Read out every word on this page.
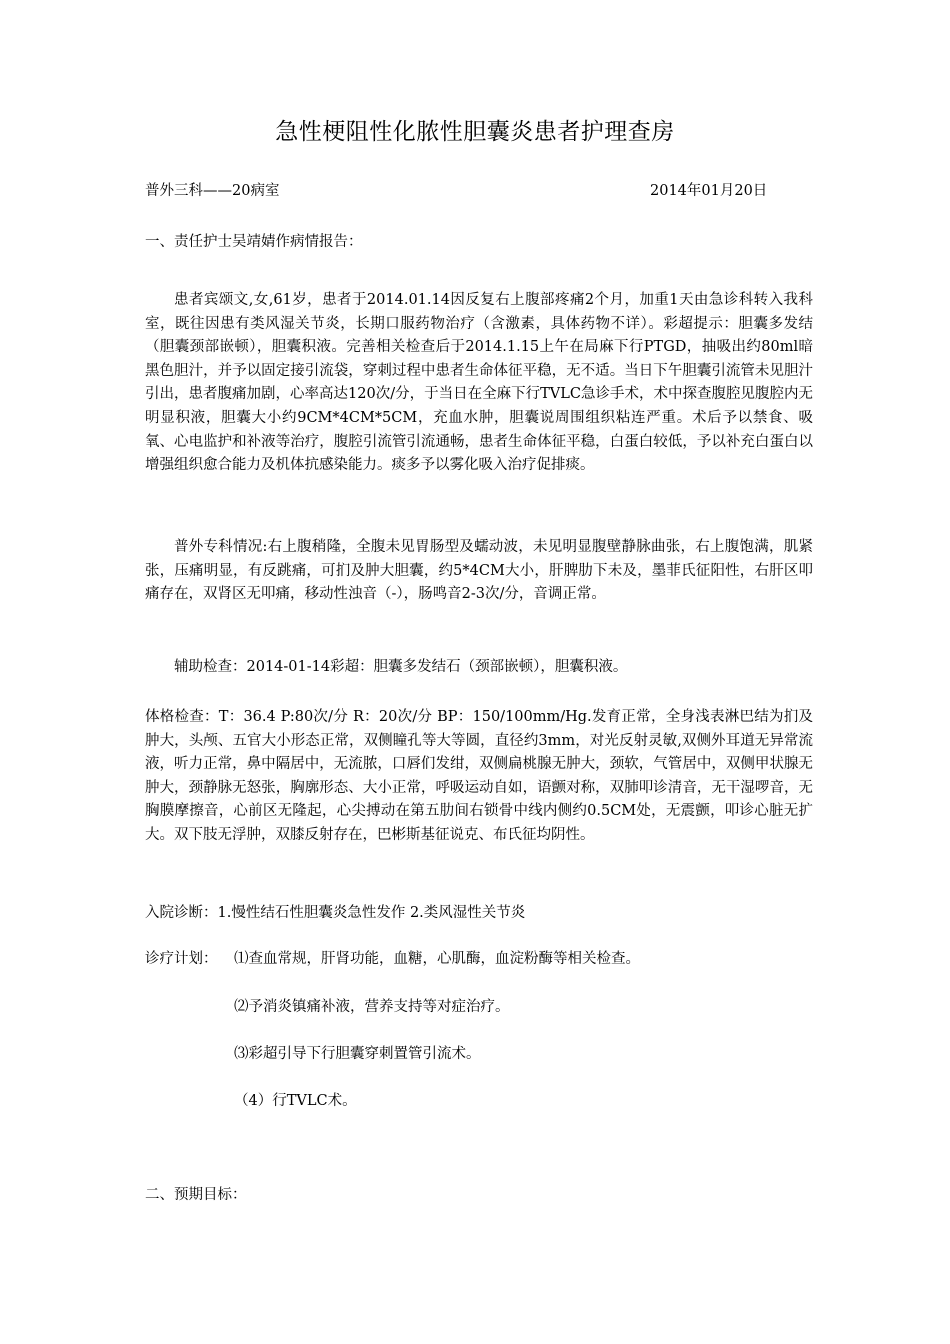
急性梗阻性化脓性胆囊炎患者护理查房
普外三科——20病室	2014年01月20日
一、责任护士吴靖婧作病情报告：
患者宾颂文,女,61岁，患者于2014.01.14因反复右上腹部疼痛2个月，加重1天由急诊科转入我科室，既往因患有类风湿关节炎，长期口服药物治疗（含激素，具体药物不详）。彩超提示：胆囊多发结（胆囊颈部嵌顿），胆囊积液。完善相关检查后于2014.1.15上午在局麻下行PTGD，抽吸出约80ml暗黑色胆汁，并予以固定接引流袋，穿刺过程中患者生命体征平稳，无不适。当日下午胆囊引流管未见胆汁引出，患者腹痛加剧，心率高达120次/分，于当日在全麻下行TVLC急诊手术，术中探查腹腔见腹腔内无明显积液，胆囊大小约9CM*4CM*5CM，充血水肿，胆囊说周围组织粘连严重。术后予以禁食、吸氧、心电监护和补液等治疗，腹腔引流管引流通畅，患者生命体征平稳，白蛋白较低，予以补充白蛋白以增强组织愈合能力及机体抗感染能力。痰多予以雾化吸入治疗促排痰。
普外专科情况:右上腹稍隆，全腹未见胃肠型及蠕动波，未见明显腹壁静脉曲张，右上腹饱满，肌紧张，压痛明显，有反跳痛，可扪及肿大胆囊，约5*4CM大小，肝脾肋下未及，墨菲氏征阳性，右肝区叩痛存在，双肾区无叩痛，移动性浊音（-），肠鸣音2-3次/分，音调正常。
辅助检查：2014-01-14彩超：胆囊多发结石（颈部嵌顿），胆囊积液。
体格检查：T：36.4 P:80次/分 R：20次/分 BP：150/100mm/Hg.发育正常，全身浅表淋巴结为扪及肿大，头颅、五官大小形态正常，双侧瞳孔等大等圆，直径约3mm，对光反射灵敏,双侧外耳道无异常流液，听力正常，鼻中隔居中，无流脓，口唇们发绀，双侧扁桃腺无肿大，颈软，气管居中，双侧甲状腺无肿大，颈静脉无怒张，胸廓形态、大小正常，呼吸运动自如，语颤对称，双肺叩诊清音，无干湿啰音，无胸膜摩擦音，心前区无隆起，心尖搏动在第五肋间右锁骨中线内侧约0.5CM处，无震颤，叩诊心脏无扩大。双下肢无浮肿，双膝反射存在，巴彬斯基征说克、布氏征均阴性。
入院诊断：1.慢性结石性胆囊炎急性发作 2.类风湿性关节炎
诊疗计划： ⑴查血常规，肝肾功能，血糖，心肌酶，血淀粉酶等相关检查。
⑵予消炎镇痛补液，营养支持等对症治疗。
⑶彩超引导下行胆囊穿刺置管引流术。
（4）行TVLC术。
二、预期目标：
